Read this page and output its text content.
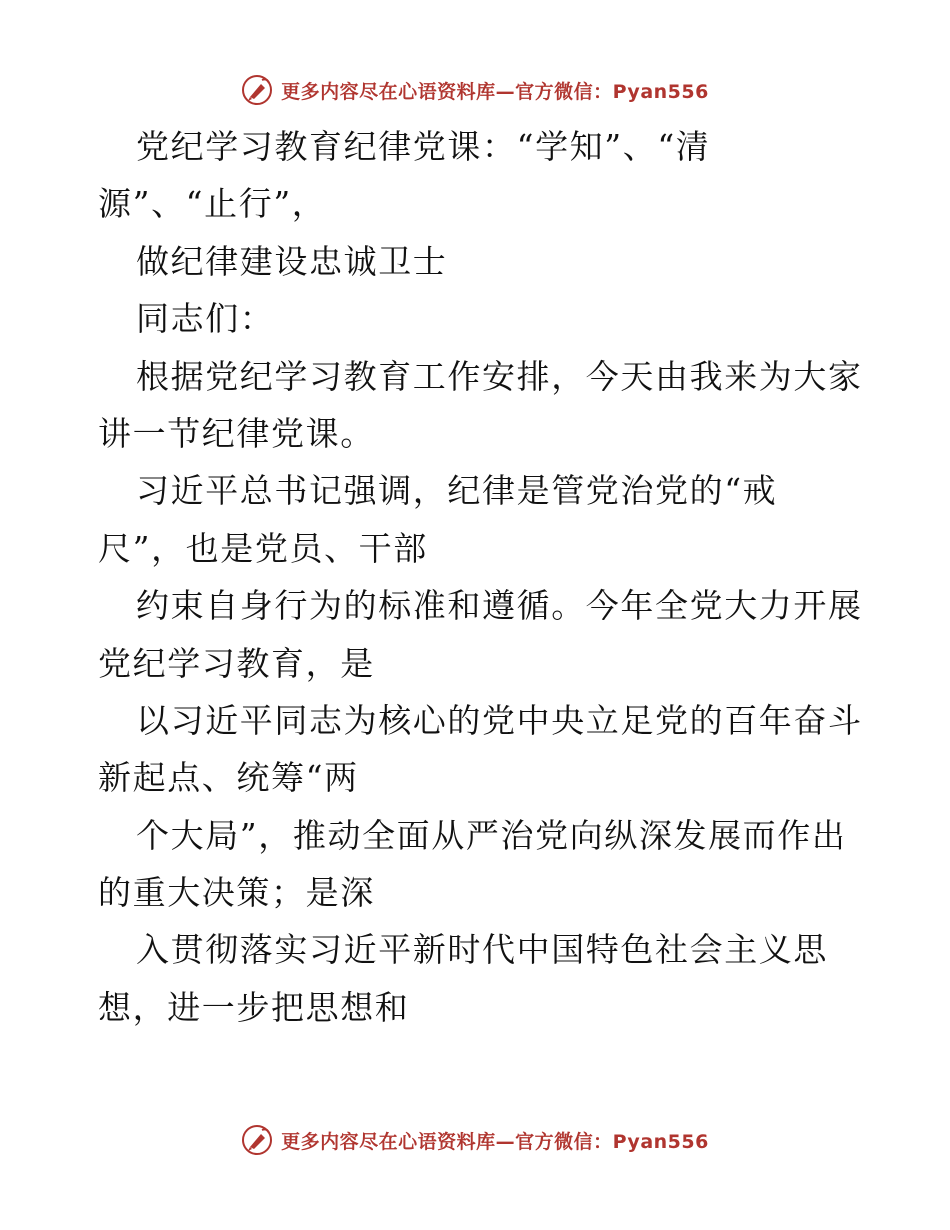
更多内容尽在心语资料库—官方微信：Pyan556
党纪学习教育纪律党课：“学知”、“清
源”、“止行”，
做纪律建设忠诚卫士
同志们：
根据党纪学习教育工作安排，今天由我来为大家
讲一节纪律党课。
习近平总书记强调，纪律是管党治党的“戒
尺”，也是党员、干部
约束自身行为的标准和遵循。今年全党大力开展
党纪学习教育，是
以习近平同志为核心的党中央立足党的百年奋斗
新起点、统筹“两
个大局”，推动全面从严治党向纵深发展而作出
的重大决策；是深
入贯彻落实习近平新时代中国特色社会主义思
想，进一步把思想和
更多内容尽在心语资料库—官方微信：Pyan556
